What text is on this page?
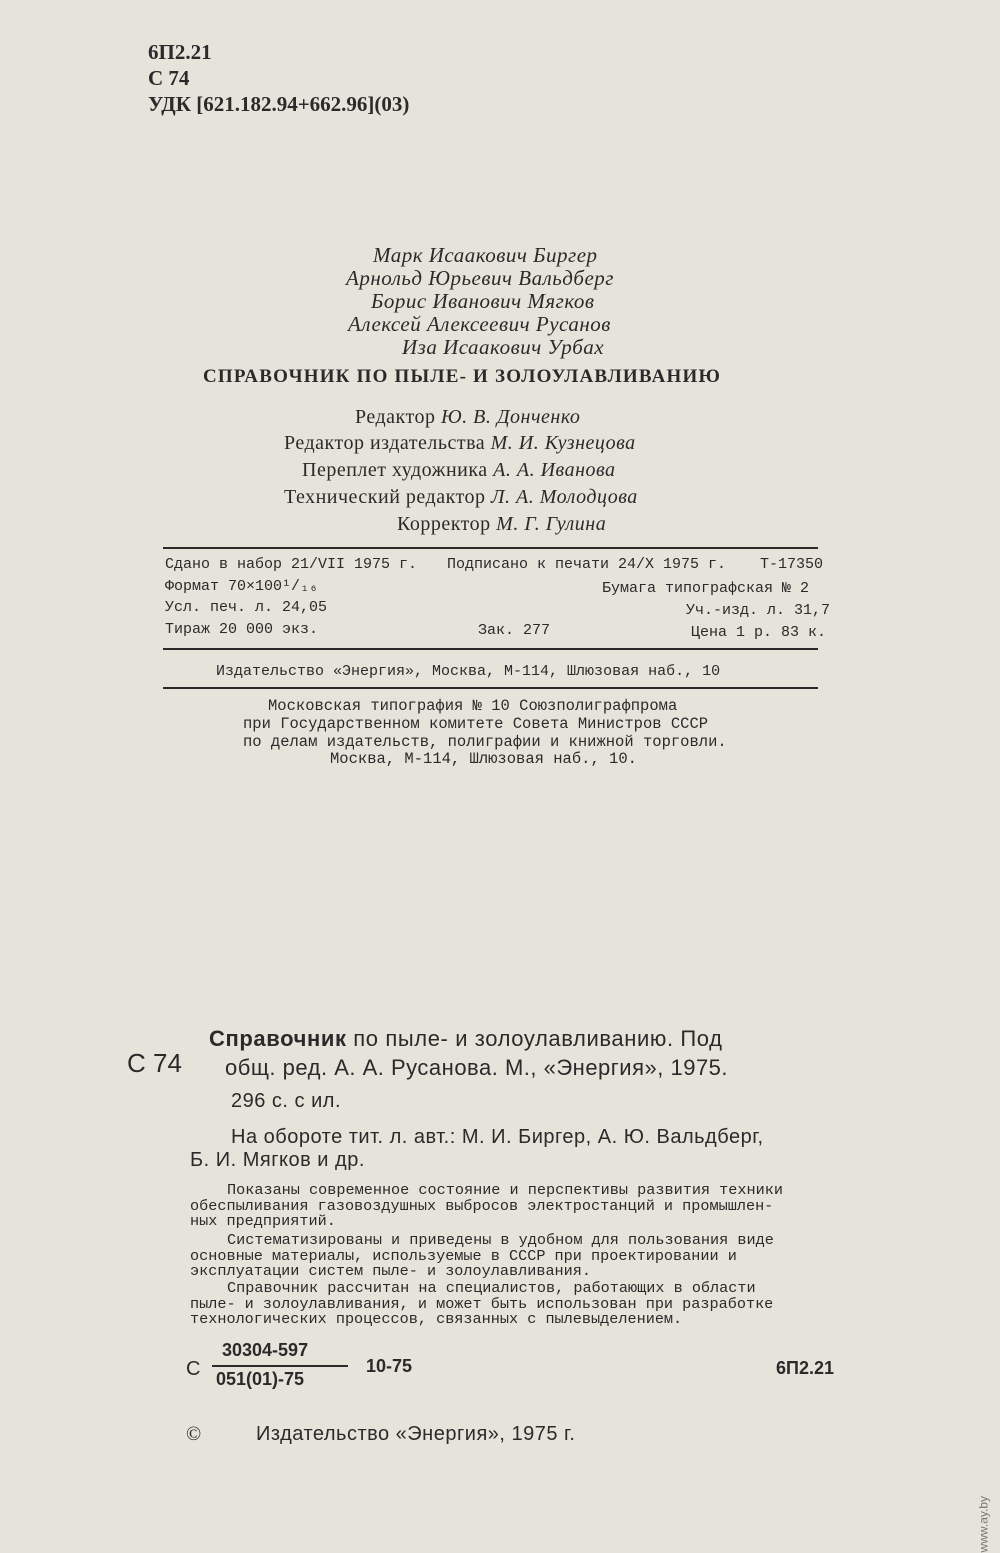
6П2.21
С 74
УДК [621.182.94+662.96](03)
Марк Исаакович Биргер
Арнольд Юрьевич Вальдберг
Борис Иванович Мягков
Алексей Алексеевич Русанов
Иза Исаакович Урбах
СПРАВОЧНИК ПО ПЫЛЕ- И ЗОЛОУЛАВЛИВАНИЮ
Редактор Ю. В. Донченко
Редактор издательства М. И. Кузнецова
Переплет художника А. А. Иванова
Технический редактор Л. А. Молодцова
Корректор М. Г. Гулина
Сдано в набор 21/VII 1975 г. Подписано к печати 24/X 1975 г. Т-17350
Формат 70×100¹/₁₆	Бумага типографская № 2
Усл. печ. л. 24,05	Уч.-изд. л. 31,7
Тираж 20 000 экз.	Зак. 277	Цена 1 р. 83 к.
Издательство «Энергия», Москва, М-114, Шлюзовая наб., 10
Московская типография № 10 Союзполиграфпрома
при Государственном комитете Совета Министров СССР
по делам издательств, полиграфии и книжной торговли.
Москва, М-114, Шлюзовая наб., 10.
С 74
Справочник по пыле- и золоулавливанию. Под
общ. ред. А. А. Русанова. М., «Энергия», 1975.
296 с. с ил.
На обороте тит. л. авт.: М. И. Биргер, А. Ю. Вальдберг,
Б. И. Мягков и др.
Показаны современное состояние и перспективы развития техники
обеспыливания газовоздушных выбросов электростанций и промышлен-
ных предприятий.
Систематизированы и приведены в удобном для пользования виде
основные материалы, используемые в СССР при проектировании и
эксплуатации систем пыле- и золоулавливания.
Справочник рассчитан на специалистов, работающих в области
пыле- и золоулавливания, и может быть использован при разработке
технологических процессов, связанных с пылевыделением.
С
30304-597
051(01)-75
10-75	6П2.21
©	Издательство «Энергия», 1975 г.
www.ay.by
